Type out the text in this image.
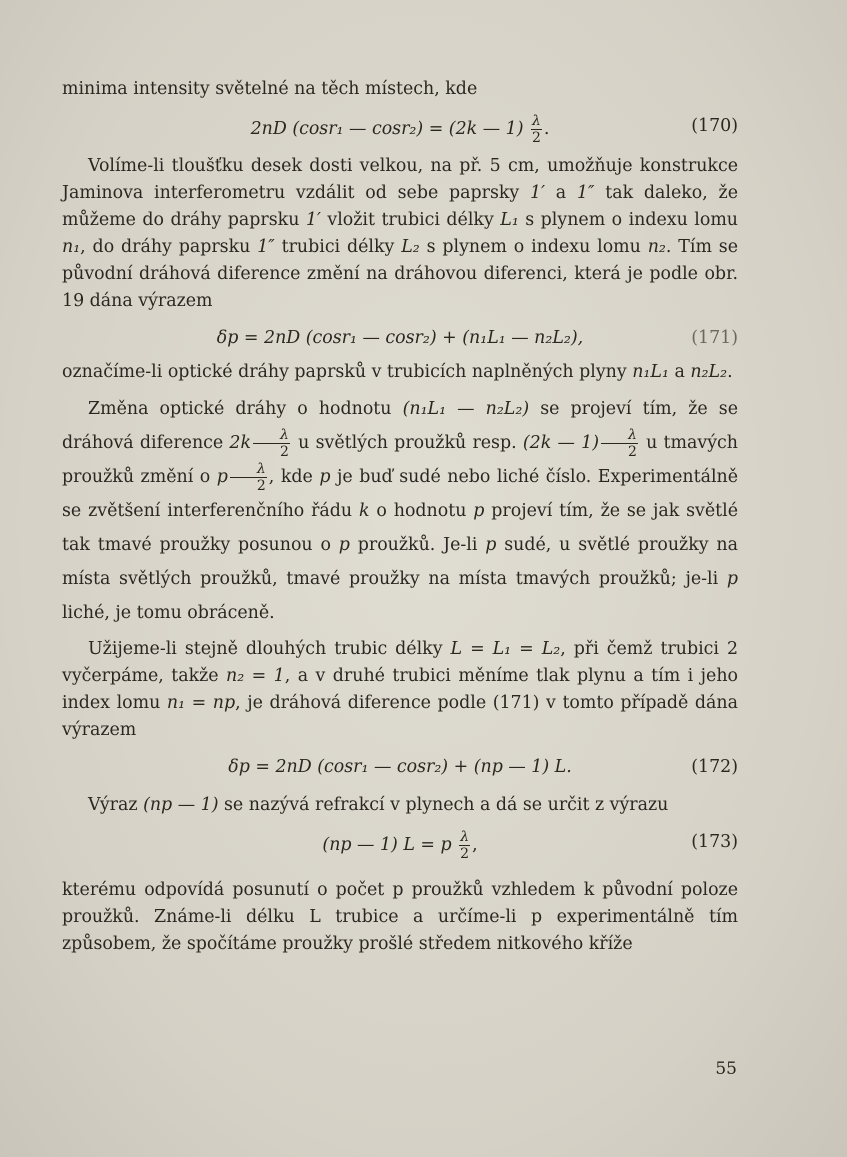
minima intensity světelné na těch místech, kde

2nD (cosr₁ — cosr₂) = (2k — $1) \frac{\lambda}{2}$ .	(170)

Volíme-li tloušťku desek dosti velkou, na př. 5 cm, umožňuje konstrukce Jaminova interferometru vzdálit od sebe paprsky 1′ a 1″ tak daleko, že můžeme do dráhy paprsku 1′ vložit trubici délky L₁ s plynem o indexu lomu n₁, do dráhy paprsku 1″ trubici délky L₂ s plynem o indexu lomu n₂. Tím se původní dráhová diference změní na dráhovou diferenci, která je podle obr. 19 dána výrazem

δp = 2nD (cosr₁ — cosr₂) + (n₁L₁ — n₂L₂),	(171)

označíme-li optické dráhy paprsků v trubicích naplněných plyny n₁L₁ a n₂L₂.

Změna optické dráhy o hodnotu (n₁L₁ — n₂L₂) se projeví tím, že se dráhová diference $2k \frac{\lambda}{2}$ u světlých proužků resp. (2k — $1) \frac{\lambda}{2}$ u tmavých proužků změní o p $\frac{\lambda}{2}$ , kde p je buď sudé nebo liché číslo. Experimentálně se zvětšení interferenčního řádu k o hodnotu p projeví tím, že se jak světlé tak tmavé proužky posunou o p proužků. Je-li p sudé, u světlé proužky na místa světlých proužků, tmavé proužky na místa tmavých proužků; je-li p liché, je tomu obráceně.

Užijeme-li stejně dlouhých trubic délky L = L₁ = L₂, při čemž trubici 2 vyčerpáme, takže n₂ = 1, a v druhé trubici měníme tlak plynu a tím i jeho index lomu n₁ = np, je dráhová diference podle (171) v tomto případě dána výrazem

δp = 2nD (cosr₁ — cosr₂) + (np — 1) L.	(172)

Výraz (np — 1) se nazývá refrakcí v plynech a dá se určit z výrazu

(np — 1) L = p $\frac{\lambda}{2}$ ,	(173)

kterému odpovídá posunutí o počet p proužků vzhledem k původní poloze proužků. Známe-li délku L trubice a určíme-li p experimentálně tím způsobem, že spočítáme proužky prošlé středem nitkového kříže

55
